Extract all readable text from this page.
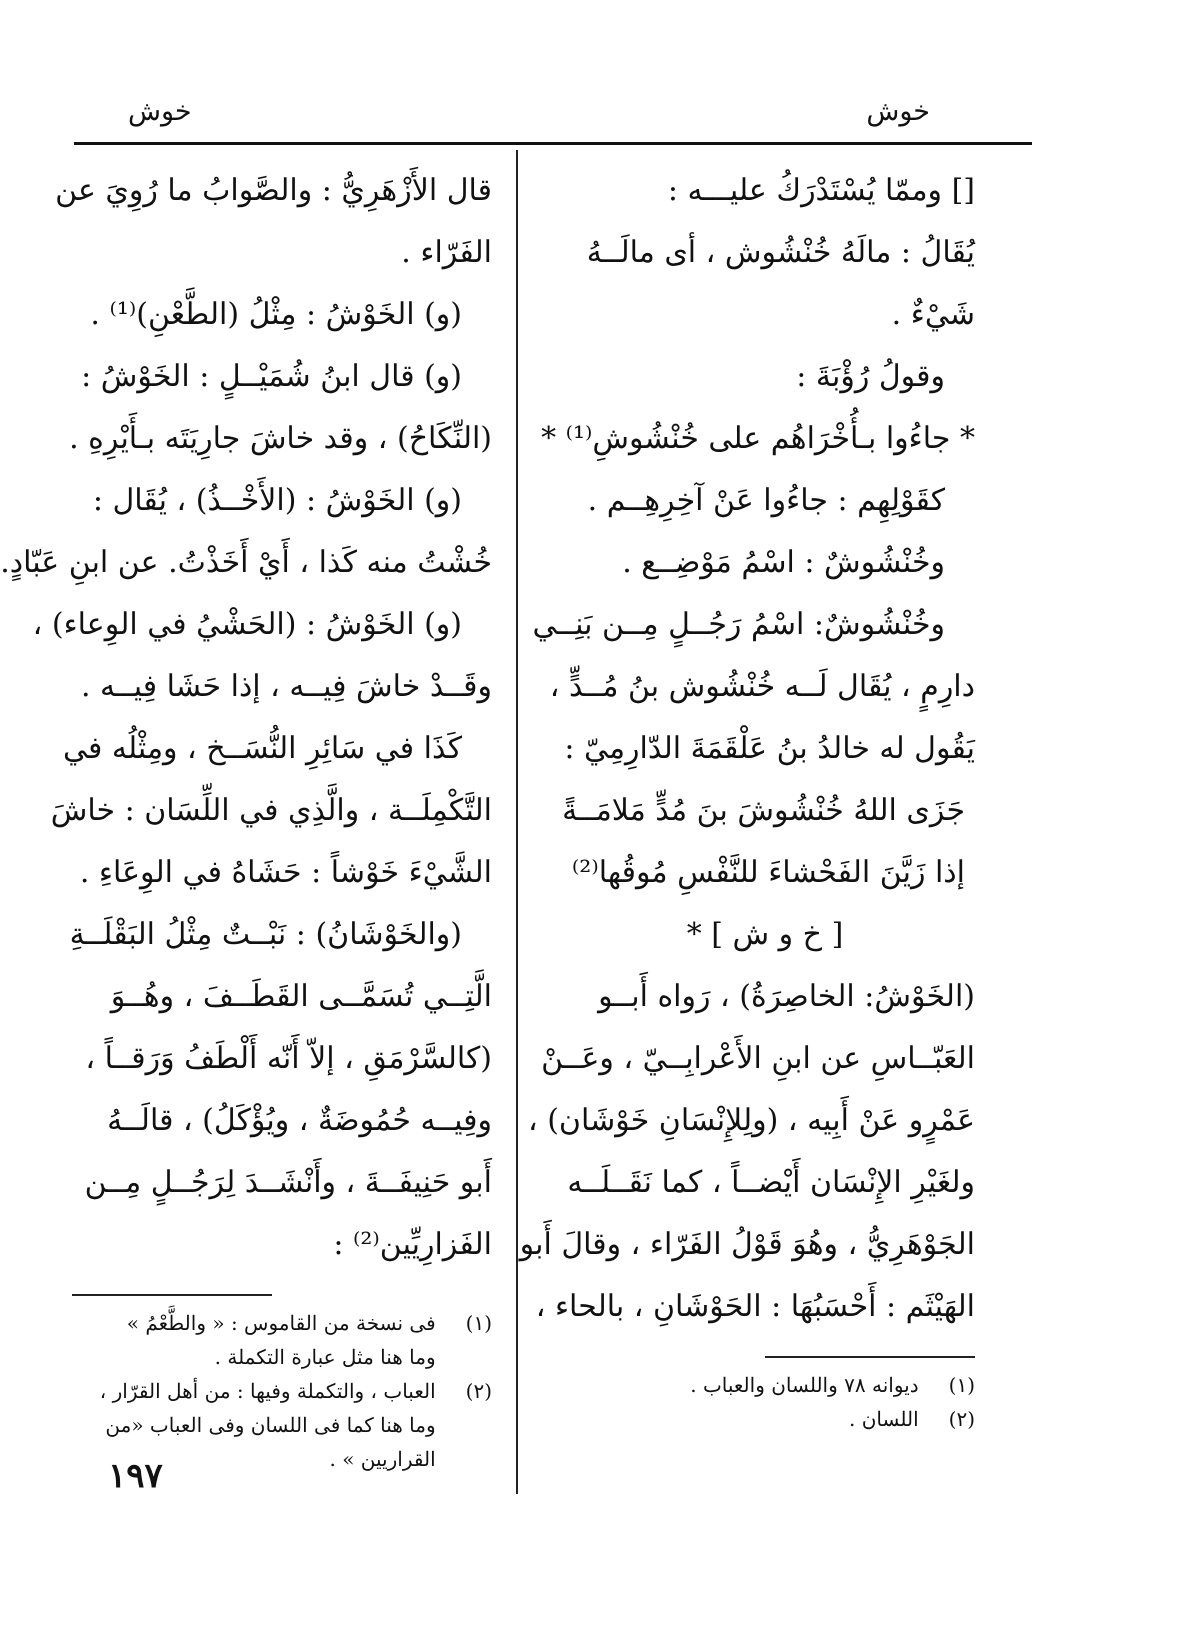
خوش
خوش

[] وممّا يُسْتَدْرَكُ عليـــه :

يُقَالُ : مالَهُ خُنْشُوش ، أى مالَــهُ

شَيْءٌ .

وقولُ رُؤْبَةَ :

* جاءُوا بـأُخْرَاهُم على خُنْشُوشِ⁽¹⁾ *

كقَوْلِهِم : جاءُوا عَنْ آخِرِهِــم .

وخُنْشُوشٌ : اسْمُ مَوْضِــع .

وخُنْشُوشٌ: اسْمُ رَجُــلٍ مِــن بَنِــي

دارِمٍ ، يُقَال لَــه خُنْشُوش بنُ مُــدٍّ ،

يَقُول له خالدُ بنُ عَلْقَمَةَ الدّارِمِيّ :

جَزَى اللهُ خُنْشُوشَ بنَ مُدٍّ مَلامَــةً

إذا زَيَّنَ الفَحْشاءَ للنَّفْسِ مُوقُها⁽²⁾

[ خ و ش ] *

(الخَوْشُ: الخاصِرَةُ) ، رَواه أَبــو

العَبّــاسِ عن ابنِ الأَعْرابِــيّ ، وعَــنْ

عَمْرٍو عَنْ أَبِيه ، (ولِلإِنْسَانِ خَوْشَان) ،

ولغَيْرِ الإِنْسَان أَيْضــاً ، كما نَقَــلَــه

الجَوْهَرِيُّ ، وهُوَ قَوْلُ الفَرّاء ، وقالَ أَبو

الهَيْثَم : أَحْسَبُهَا : الحَوْشَانِ ، بالحاء ،

(١) ديوانه ٧٨ واللسان والعباب .

(٢) اللسان .

قال الأَزْهَرِيُّ : والصَّوابُ ما رُوِيَ عن

الفَرّاء .

(و) الخَوْشُ : مِثْلُ (الطَّعْنِ)⁽¹⁾ .

(و) قال ابنُ شُمَيْــلٍ : الخَوْشُ :

(النِّكَاحُ) ، وقد خاشَ جارِيَتَه بـأَيْرِهِ .

(و) الخَوْشُ : (الأَخْــذُ) ، يُقَال :

خُشْتُ منه كَذا ، أَيْ أَخَذْتُ. عن ابنِ عَبّادٍ.

(و) الخَوْشُ : (الحَشْيُ في الوِعاء) ،

وقَــدْ خاشَ فِيــه ، إذا حَشَا فِيــه .

كَذَا في سَائِرِ النُّسَــخ ، ومِثْلُه في

التَّكْمِلَــة ، والَّذِي في اللِّسَان : خاشَ

الشَّيْءَ خَوْشاً : حَشَاهُ في الوِعَاءِ .

(والخَوْشَانُ) : نَبْــتٌ مِثْلُ البَقْلَــةِ

الَّتِــي تُسَمَّــى القَطَــفَ ، وهُــوَ

(كالسَّرْمَقِ ، إلاّ أَنّه أَلْطَفُ وَرَقــاً ،

وفِيــه حُمُوضَةٌ ، ويُؤْكَلُ) ، قالَــهُ

أَبو حَنِيفَــةَ ، وأَنْشَــدَ لِرَجُــلٍ مِــن

الفَزارِيِّين⁽²⁾ :

(١) فى نسخة من القاموس : « والطَّعْمُ »

وما هنا مثل عبارة التكملة .

(٢) العباب ، والتكملة وفيها : من أهل القرّار ،

وما هنا كما فى اللسان وفى العباب «من

القراريين » .

١٩٧
